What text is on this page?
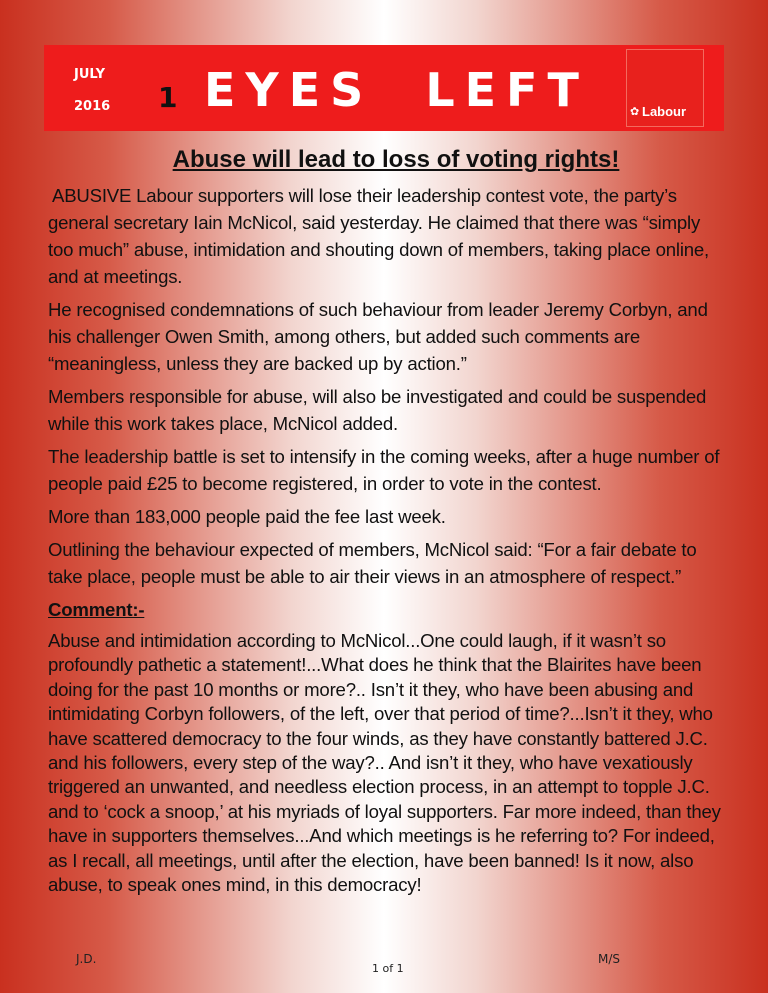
JULY
2016 1 EYES  LEFT	✿ Labour
Abuse will lead to loss of voting rights!

ABUSIVE Labour supporters will lose their leadership contest vote, the party’s general secretary Iain McNicol, said yesterday. He claimed that there was “simply too much” abuse, intimidation and shouting down of members, taking place online, and at meetings.

He recognised condemnations of such behaviour from leader Jeremy Corbyn, and his challenger Owen Smith, among others, but added such comments are “meaningless, unless they are backed up by action.”

Members responsible for abuse, will also be investigated and could be suspended while this work takes place, McNicol added.

The leadership battle is set to intensify in the coming weeks, after a huge number of people paid £25 to become registered, in order to vote in the contest.

More than 183,000 people paid the fee last week.

Outlining the behaviour expected of members, McNicol said: “For a fair debate to take place, people must be able to air their views in an atmosphere of respect.”

Comment:-

Abuse and intimidation according to McNicol...One could laugh, if it wasn’t so profoundly pathetic a statement!...What does he think that the Blairites have been doing for the past 10 months or more?.. Isn’t it they, who have been abusing and intimidating Corbyn followers, of the left, over that period of time?...Isn’t it they, who have scattered democracy to the four winds, as they have constantly battered J.C. and his followers, every step of the way?.. And isn’t it they, who have vexatiously triggered an unwanted, and needless election process, in an attempt to topple J.C. and to ‘cock a snoop,’ at his myriads of loyal supporters. Far more indeed, than they have in supporters themselves...And which meetings is he referring to? For indeed, as I recall, all meetings, until after the election, have been banned! Is it now, also abuse, to speak ones mind, in this democracy!

J.D.
1 of 1
M/S
